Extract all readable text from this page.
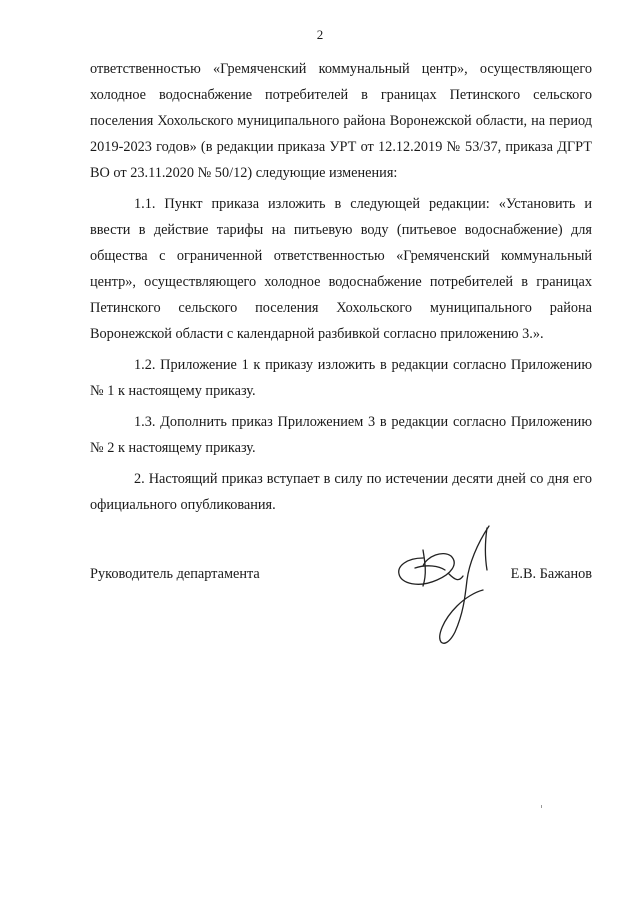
2

ответственностью «Гремяченский коммунальный центр», осуществляющего холодное водоснабжение потребителей в границах Петинского сельского поселения Хохольского муниципального района Воронежской области, на период 2019-2023 годов» (в редакции приказа УРТ от 12.12.2019 № 53/37, приказа ДГРТ ВО от 23.11.2020 № 50/12) следующие изменения:

1.1. Пункт приказа изложить в следующей редакции: «Установить и ввести в действие тарифы на питьевую воду (питьевое водоснабжение) для общества с ограниченной ответственностью «Гремяченский коммунальный центр», осуществляющего холодное водоснабжение потребителей в границах Петинского сельского поселения Хохольского муниципального района Воронежской области с календарной разбивкой согласно приложению 3.».

1.2. Приложение 1 к приказу изложить в редакции согласно Приложению № 1 к настоящему приказу.

1.3. Дополнить приказ Приложением 3 в редакции согласно Приложению № 2 к настоящему приказу.

2. Настоящий приказ вступает в силу по истечении десяти дней со дня его официального опубликования.

Руководитель департамента	Е.В. Бажанов
